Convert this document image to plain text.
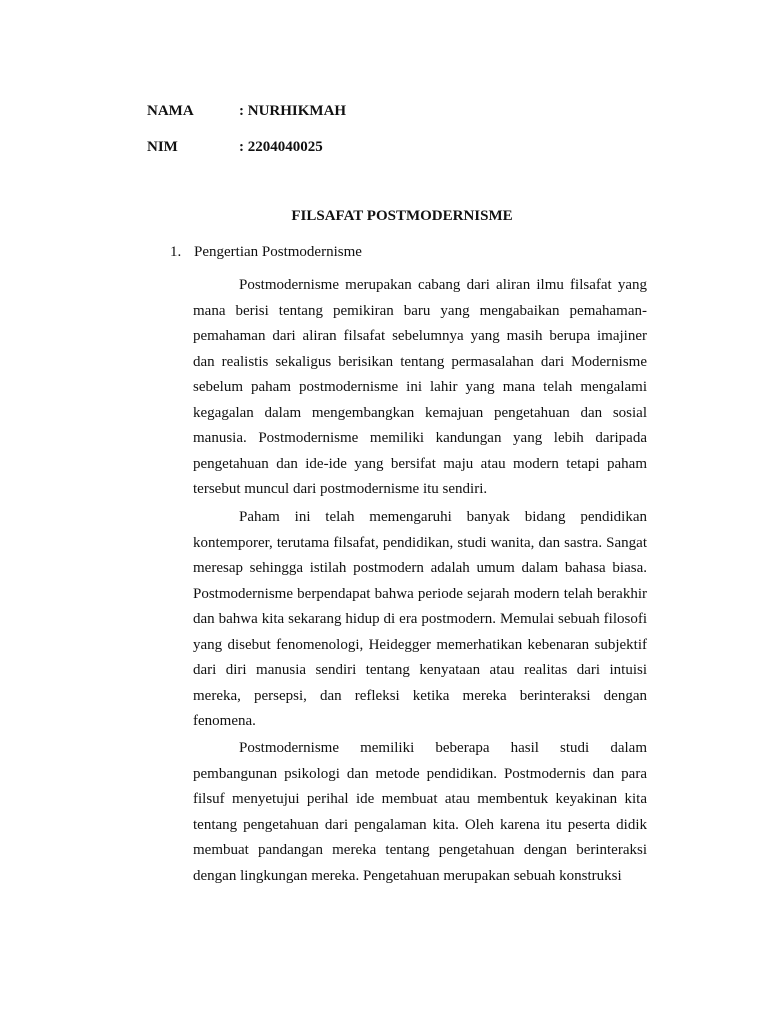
NAMA	: NURHIKMAH
NIM	: 2204040025
FILSAFAT POSTMODERNISME
1. Pengertian Postmodernisme

Postmodernisme merupakan cabang dari aliran ilmu filsafat yang mana berisi tentang pemikiran baru yang mengabaikan pemahaman-pemahaman dari aliran filsafat sebelumnya yang masih berupa imajiner dan realistis sekaligus berisikan tentang permasalahan dari Modernisme sebelum paham postmodernisme ini lahir yang mana telah mengalami kegagalan dalam mengembangkan kemajuan pengetahuan dan sosial manusia. Postmodernisme memiliki kandungan yang lebih daripada pengetahuan dan ide-ide yang bersifat maju atau modern tetapi paham tersebut muncul dari postmodernisme itu sendiri.

Paham ini telah memengaruhi banyak bidang pendidikan kontemporer, terutama filsafat, pendidikan, studi wanita, dan sastra. Sangat meresap sehingga istilah postmodern adalah umum dalam bahasa biasa. Postmodernisme berpendapat bahwa periode sejarah modern telah berakhir dan bahwa kita sekarang hidup di era postmodern. Memulai sebuah filosofi yang disebut fenomenologi, Heidegger memerhatikan kebenaran subjektif dari diri manusia sendiri tentang kenyataan atau realitas dari intuisi mereka, persepsi, dan refleksi ketika mereka berinteraksi dengan fenomena.

Postmodernisme memiliki beberapa hasil studi dalam pembangunan psikologi dan metode pendidikan. Postmodernis dan para filsuf menyetujui perihal ide membuat atau membentuk keyakinan kita tentang pengetahuan dari pengalaman kita. Oleh karena itu peserta didik membuat pandangan mereka tentang pengetahuan dengan berinteraksi dengan lingkungan mereka. Pengetahuan merupakan sebuah konstruksi
